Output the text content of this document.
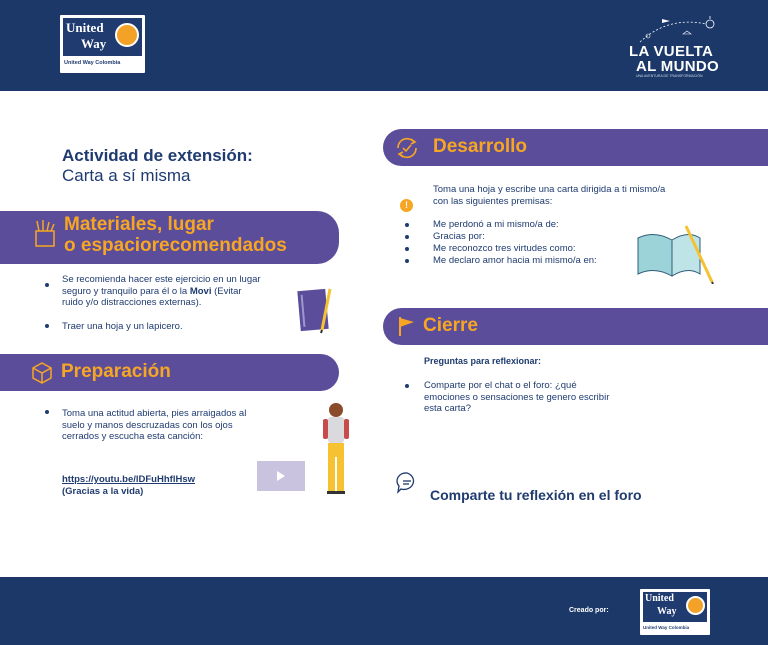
United
Way
United Way Colombia
LA VUELTA
AL MUNDO
UNA AVENTURA DE TRANSFORMACIÓN
Actividad de extensión:
Carta a sí misma
Materiales, lugar
o espaciorecomendados
Se recomienda hacer este ejercicio en un lugar
seguro y tranquilo para él o la Movi (Evitar
ruido y/o distracciones externas).
Traer una hoja y un lapicero.
Preparación
Toma una actitud abierta, pies arraigados al
suelo y manos descruzadas con los ojos
cerrados y escucha esta canción:
https://youtu.be/lDFuHhflHsw
(Gracias a la vida)
Desarrollo
Toma una hoja y escribe una carta dirigida a ti mismo/a
con las siguientes premisas:
!
Me perdonó a mi mismo/a de:
Gracias por:
Me reconozco tres virtudes como:
Me declaro amor hacia mi mismo/a en:
Cierre
Preguntas para reflexionar:
Comparte por el chat o el foro: ¿qué
emociones o sensaciones te genero escribir
esta carta?
Comparte tu reflexión en el foro
Creado por:
United
Way
United Way Colombia
